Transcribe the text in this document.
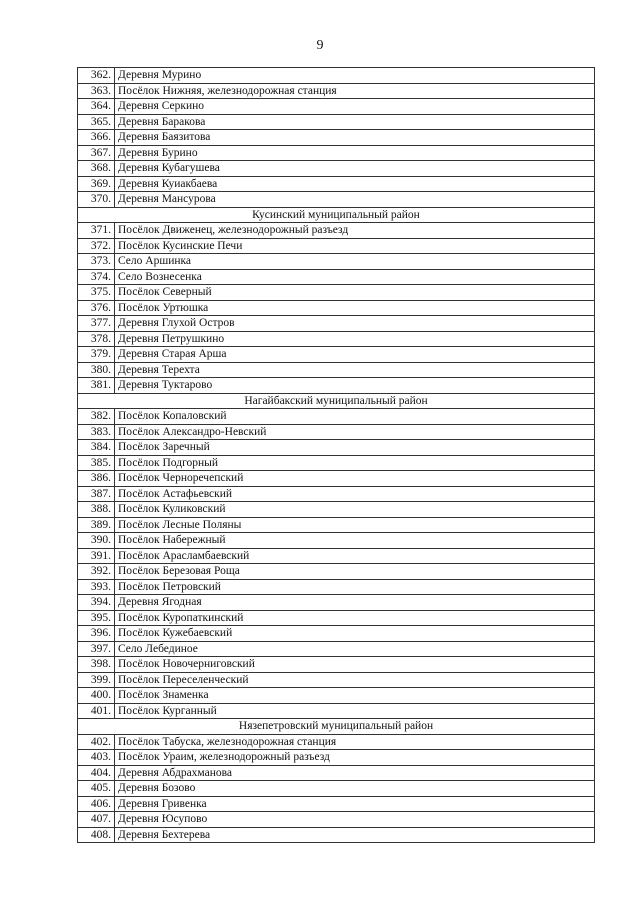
9
362.	Деревня Мурино
363.	Посёлок Нижняя, железнодорожная станция
364.	Деревня Серкино
365.	Деревня Баракова
366.	Деревня Баязитова
367.	Деревня Бурино
368.	Деревня Кубагушева
369.	Деревня Куиакбаева
370.	Деревня Мансурова
Кусинский муниципальный район	
371.	Посёлок Движенец, железнодорожный разъезд
372.	Посёлок Кусинские Печи
373.	Село Аршинка
374.	Село Вознесенка
375.	Посёлок Северный
376.	Посёлок Уртюшка
377.	Деревня Глухой Остров
378.	Деревня Петрушкино
379.	Деревня Старая Арша
380.	Деревня Терехта
381.	Деревня Туктарово
Нагайбакский муниципальный район	
382.	Посёлок Копаловский
383.	Посёлок Александро-Невский
384.	Посёлок Заречный
385.	Посёлок Подгорный
386.	Посёлок Черноречепский
387.	Посёлок Астафьевский
388.	Посёлок Куликовский
389.	Посёлок Лесные Поляны
390.	Посёлок Набережный
391.	Посёлок Арасламбаевский
392.	Посёлок Березовая Роща
393.	Посёлок Петровский
394.	Деревня Ягодная
395.	Посёлок Куропаткинский
396.	Посёлок Кужебаевский
397.	Село Лебединое
398.	Посёлок Новочерниговский
399.	Посёлок Переселенческий
400.	Посёлок Знаменка
401.	Посёлок Курганный
Нязепетровский муниципальный район	
402.	Посёлок Табуска, железнодорожная станция
403.	Посёлок Ураим, железнодорожный разъезд
404.	Деревня Абдрахманова
405.	Деревня Бозово
406.	Деревня Гривенка
407.	Деревня Юсупово
408.	Деревня Бехтерева
